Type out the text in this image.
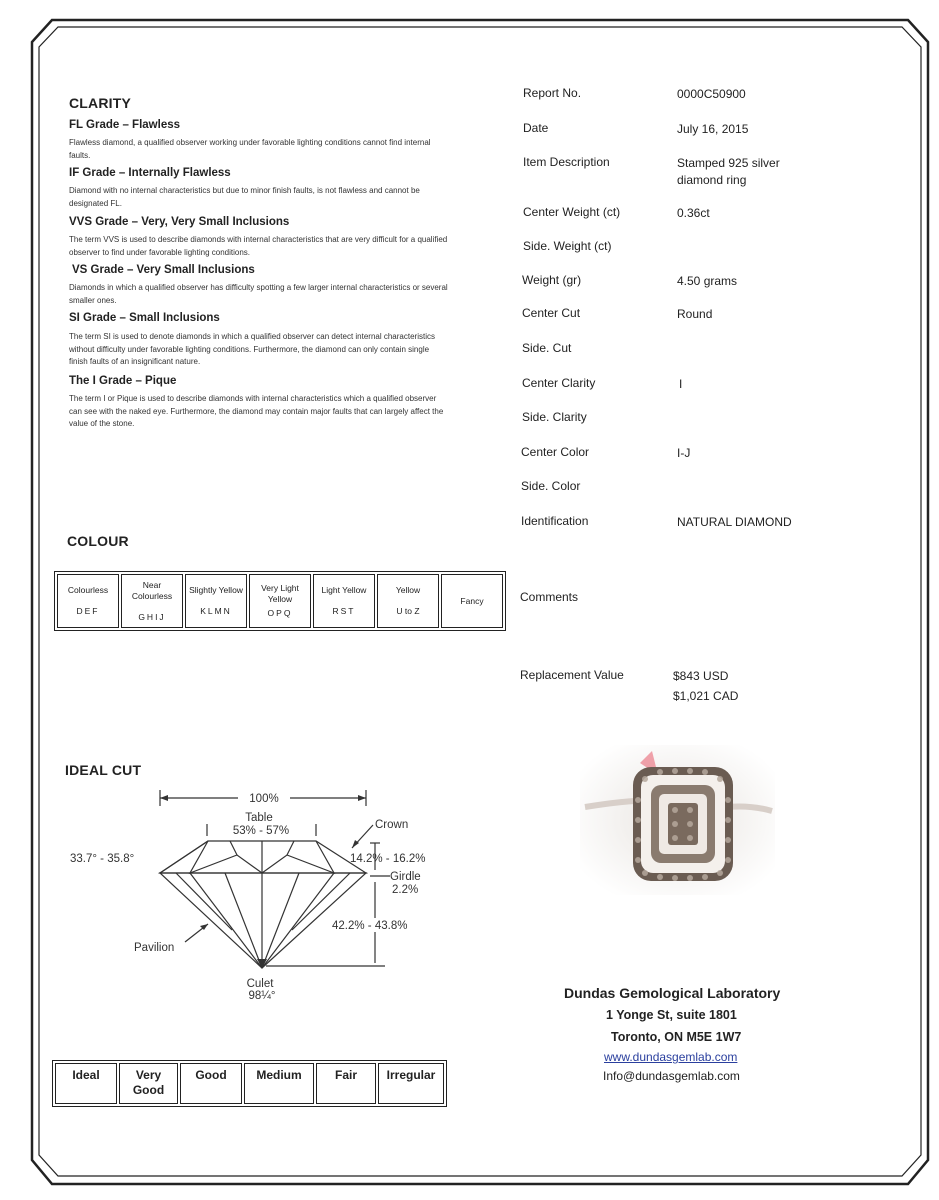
CLARITY
FL Grade – Flawless
Flawless diamond, a qualified observer working under favorable lighting conditions cannot find internal faults.
IF Grade – Internally Flawless
Diamond with no internal characteristics but due to minor finish faults, is not flawless and cannot be designated FL.
VVS Grade – Very, Very Small Inclusions
The term VVS is used to describe diamonds with internal characteristics that are very difficult for a qualified observer to find under favorable lighting conditions.
VS Grade – Very Small Inclusions
Diamonds in which a qualified observer has difficulty spotting a few larger internal characteristics or several smaller ones.
SI Grade – Small Inclusions
The term SI is used to denote diamonds in which a qualified observer can detect internal characteristics without difficulty under favorable lighting conditions. Furthermore, the diamond can only contain single finish faults of an insignificant nature.
The I Grade – Pique
The term I or Pique is used to describe diamonds with internal characteristics which a qualified observer can see with the naked eye. Furthermore, the diamond may contain major faults that can largely affect the value of the stone.
COLOUR
Colourless
DEF
	Near Colourless
GHIJ
	Slightly Yellow
KLMN
	Very Light Yellow
OPQ
	Light Yellow
RST
	Yellow
U to Z
	Fancy
IDEAL CUT
100%
Table
53% - 57%	Crown
33.7° - 35.8°	14.2% - 16.2%
Girdle
2.2%
42.2% - 43.8%
Pavilion
Culet
98¼°
Ideal	Very Good	Good	Medium	Fair	Irregular
Report No.	0000C50900
Date	July 16, 2015
Item Description	Stamped 925 silver diamond ring
Center Weight (ct)	0.36ct
Side. Weight (ct)
Weight (gr)	4.50 grams
Center Cut	Round
Side. Cut
Center Clarity	I
Side. Clarity
Center Color	I-J
Side. Color
Identification	NATURAL DIAMOND
Comments
Replacement Value	$843 USD
$1,021 CAD
Dundas Gemological Laboratory
1 Yonge St, suite 1801
Toronto, ON M5E 1W7
www.dundasgemlab.com
Info@dundasgemlab.com
